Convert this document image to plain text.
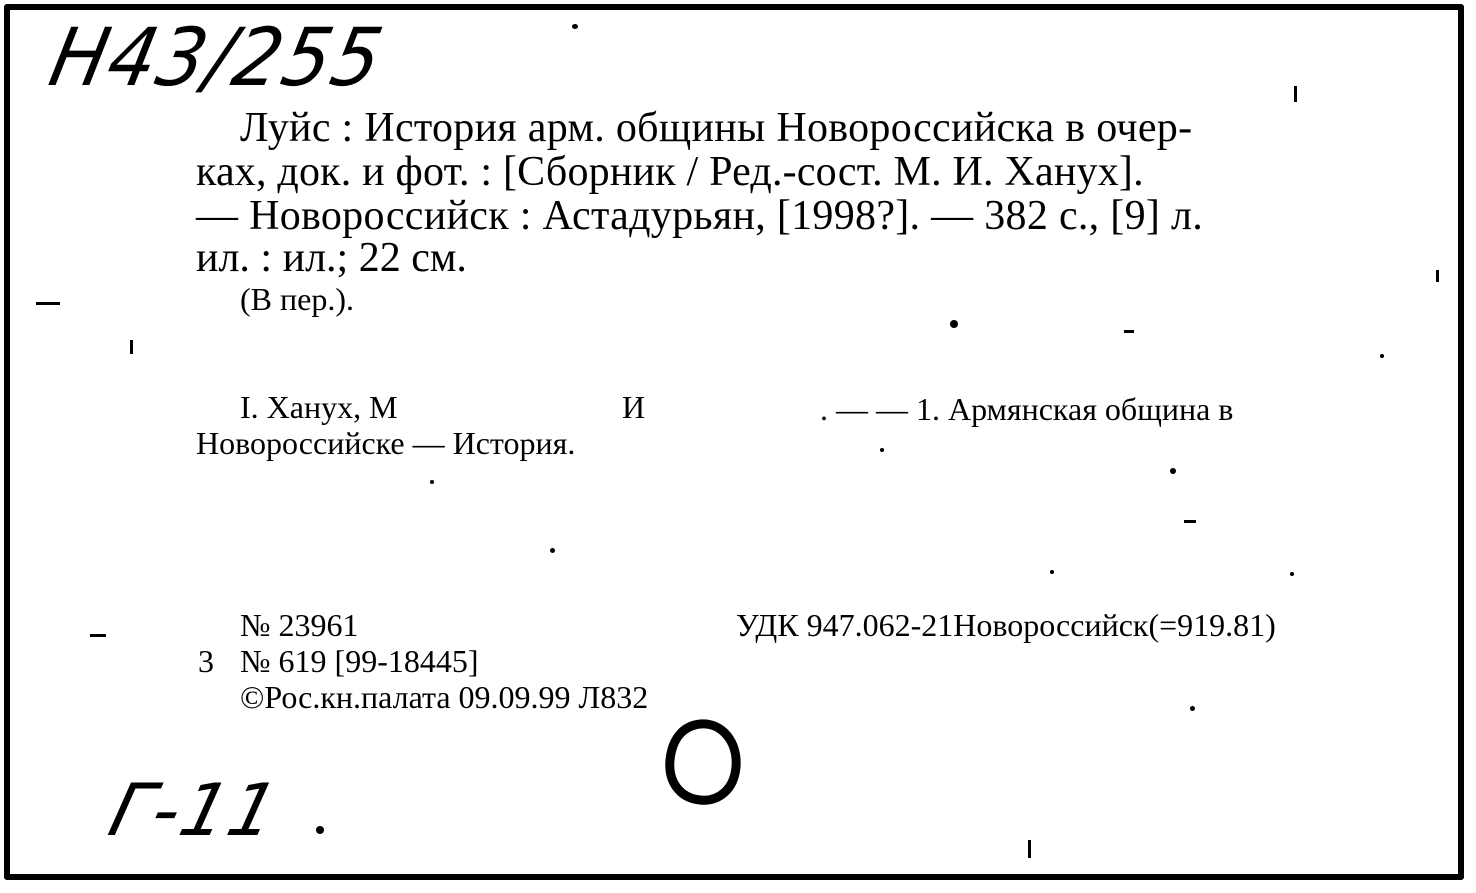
Н43/255
Луйс : История арм. общины Новороссийска в очер-
ках, док. и фот. : [Сборник / Ред.-сост. М. И. Ханух].
— Новороссийск : Астадурьян, [1998?]. — 382 с., [9] л.
ил. : ил.; 22 см.
(В пер.).
I. Ханух, М	И	. — — 1. Армянская община в
Новороссийске — История.
№ 23961	УДК 947.062-21Новороссийск(=919.81)
3 № 619 [99-18445]
©Рос.кн.палата 09.09.99 Л832
Г-11
